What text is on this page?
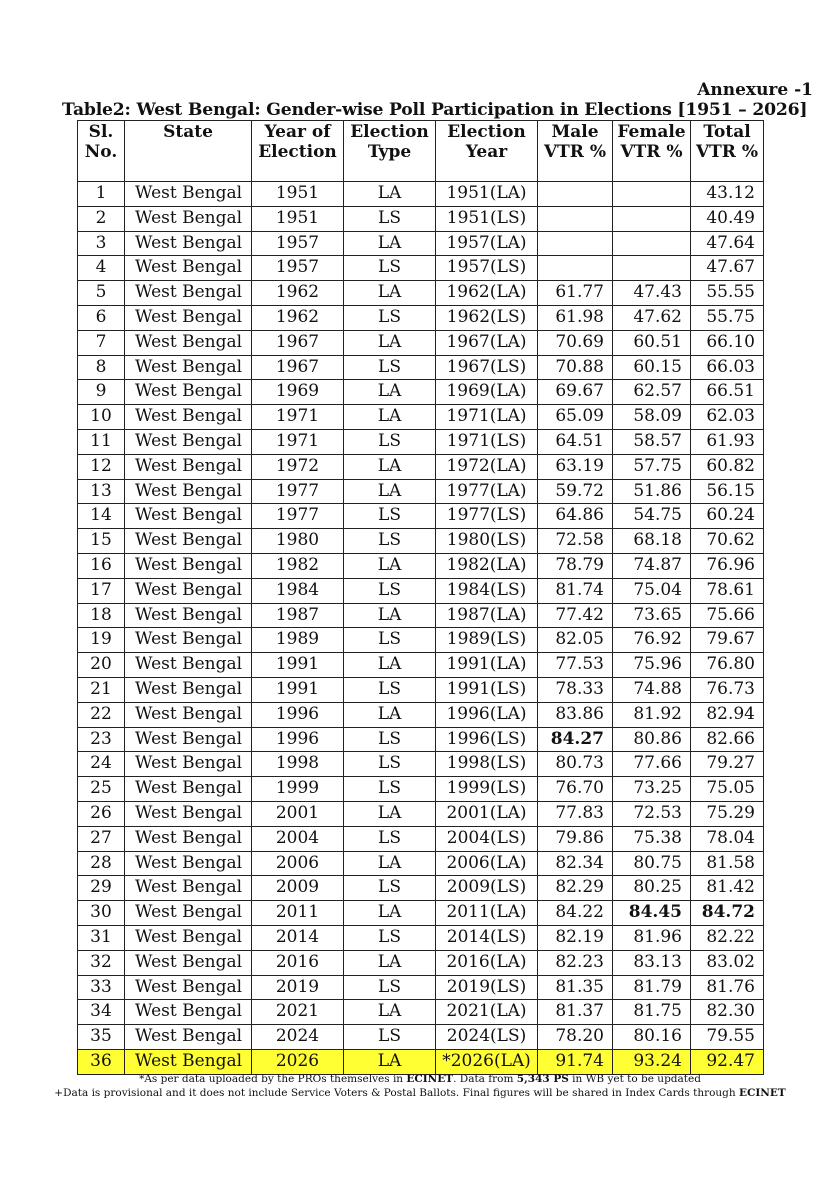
Annexure -1
Table2: West Bengal: Gender-wise Poll Participation in Elections [1951 – 2026]
Sl. No.	State	Year of Election	Election Type	Election Year	Male VTR %	Female VTR %	Total VTR %
1	West Bengal	1951	LA	1951(LA)			43.12
2	West Bengal	1951	LS	1951(LS)			40.49
3	West Bengal	1957	LA	1957(LA)			47.64
4	West Bengal	1957	LS	1957(LS)			47.67
5	West Bengal	1962	LA	1962(LA)	61.77	47.43	55.55
6	West Bengal	1962	LS	1962(LS)	61.98	47.62	55.75
7	West Bengal	1967	LA	1967(LA)	70.69	60.51	66.10
8	West Bengal	1967	LS	1967(LS)	70.88	60.15	66.03
9	West Bengal	1969	LA	1969(LA)	69.67	62.57	66.51
10	West Bengal	1971	LA	1971(LA)	65.09	58.09	62.03
11	West Bengal	1971	LS	1971(LS)	64.51	58.57	61.93
12	West Bengal	1972	LA	1972(LA)	63.19	57.75	60.82
13	West Bengal	1977	LA	1977(LA)	59.72	51.86	56.15
14	West Bengal	1977	LS	1977(LS)	64.86	54.75	60.24
15	West Bengal	1980	LS	1980(LS)	72.58	68.18	70.62
16	West Bengal	1982	LA	1982(LA)	78.79	74.87	76.96
17	West Bengal	1984	LS	1984(LS)	81.74	75.04	78.61
18	West Bengal	1987	LA	1987(LA)	77.42	73.65	75.66
19	West Bengal	1989	LS	1989(LS)	82.05	76.92	79.67
20	West Bengal	1991	LA	1991(LA)	77.53	75.96	76.80
21	West Bengal	1991	LS	1991(LS)	78.33	74.88	76.73
22	West Bengal	1996	LA	1996(LA)	83.86	81.92	82.94
23	West Bengal	1996	LS	1996(LS)	84.27	80.86	82.66
24	West Bengal	1998	LS	1998(LS)	80.73	77.66	79.27
25	West Bengal	1999	LS	1999(LS)	76.70	73.25	75.05
26	West Bengal	2001	LA	2001(LA)	77.83	72.53	75.29
27	West Bengal	2004	LS	2004(LS)	79.86	75.38	78.04
28	West Bengal	2006	LA	2006(LA)	82.34	80.75	81.58
29	West Bengal	2009	LS	2009(LS)	82.29	80.25	81.42
30	West Bengal	2011	LA	2011(LA)	84.22	84.45	84.72
31	West Bengal	2014	LS	2014(LS)	82.19	81.96	82.22
32	West Bengal	2016	LA	2016(LA)	82.23	83.13	83.02
33	West Bengal	2019	LS	2019(LS)	81.35	81.79	81.76
34	West Bengal	2021	LA	2021(LA)	81.37	81.75	82.30
35	West Bengal	2024	LS	2024(LS)	78.20	80.16	79.55
36	West Bengal	2026	LA	*2026(LA)	91.74	93.24	92.47
*As per data uploaded by the PROs themselves in ECINET. Data from 5,343 PS in WB yet to be updated
+Data is provisional and it does not include Service Voters & Postal Ballots. Final figures will be shared in Index Cards through ECINET
